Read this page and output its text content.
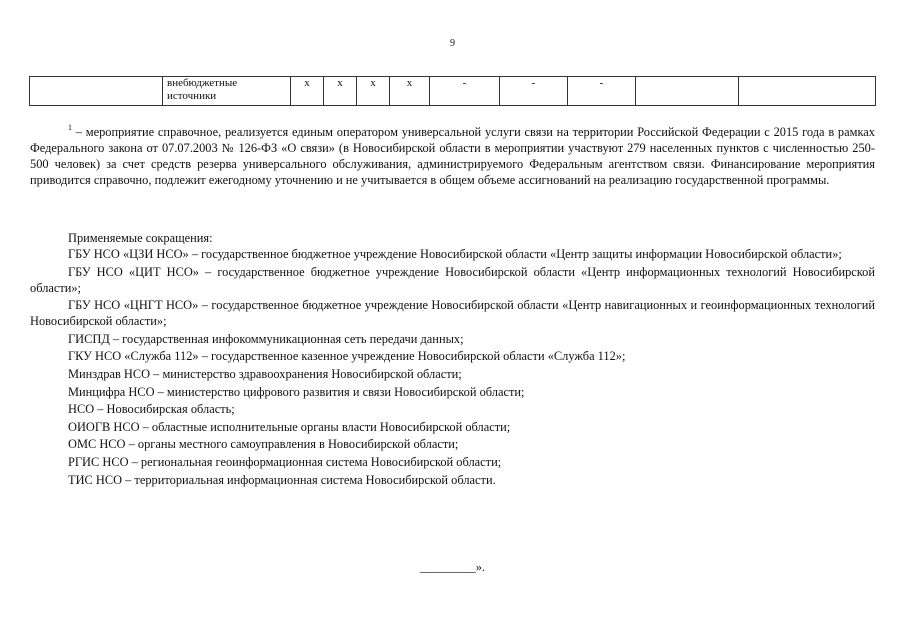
9
	внебюджетные источники	х	х	х	х	-	-	-		
$^1$ – мероприятие справочное, реализуется единым оператором универсальной услуги связи на территории Российской Федерации с 2015 года в рамках Федерального закона от 07.07.2003 № 126-ФЗ «О связи» (в Новосибирской области в мероприятии участвуют 279 населенных пунктов с численностью 250-500 человек) за счет средств резерва универсального обслуживания, администрируемого Федеральным агентством связи. Финансирование мероприятия приводится справочно, подлежит ежегодному уточнению и не учитывается в общем объеме ассигнований на реализацию государственной программы.
Применяемые сокращения:

ГБУ НСО «ЦЗИ НСО» – государственное бюджетное учреждение Новосибирской области «Центр защиты информации Новосибирской области»;

ГБУ НСО «ЦИТ НСО» – государственное бюджетное учреждение Новосибирской области «Центр информационных технологий Новосибирской области»;

ГБУ НСО «ЦНГТ НСО» – государственное бюджетное учреждение Новосибирской области «Центр навигационных и геоинформационных технологий Новосибирской области»;

ГИСПД – государственная инфокоммуникационная сеть передачи данных;

ГКУ НСО «Служба 112» – государственное казенное учреждение Новосибирской области «Служба 112»;

Минздрав НСО – министерство здравоохранения Новосибирской области;

Минцифра НСО – министерство цифрового развития и связи Новосибирской области;

НСО – Новосибирская область;

ОИОГВ НСО – областные исполнительные органы власти Новосибирской области;

ОМС НСО – органы местного самоуправления в Новосибирской области;

РГИС НСО – региональная геоинформационная система Новосибирской области;

ТИС НСО – территориальная информационная система Новосибирской области.

_________».
